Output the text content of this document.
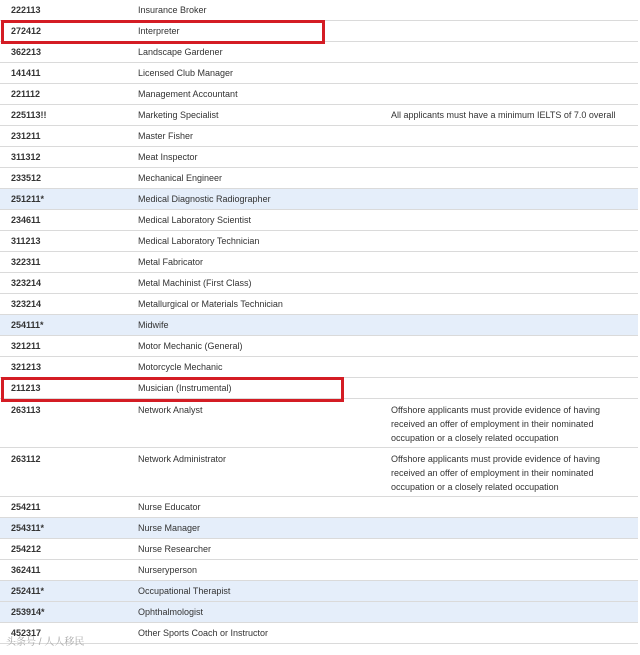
222113	Insurance Broker
272412	Interpreter
362213	Landscape Gardener
141411	Licensed Club Manager
221112	Management Accountant
225113!!	Marketing Specialist	All applicants must have a minimum IELTS of 7.0 overall
231211	Master Fisher
311312	Meat Inspector
233512	Mechanical Engineer
251211*	Medical Diagnostic Radiographer
234611	Medical Laboratory Scientist
311213	Medical Laboratory Technician
322311	Metal Fabricator
323214	Metal Machinist (First Class)
323214	Metallurgical or Materials Technician
254111*	Midwife
321211	Motor Mechanic (General)
321213	Motorcycle Mechanic
211213	Musician (Instrumental)
263113	Network Analyst	Offshore applicants must provide evidence of having received an offer of employment in their nominated occupation or a closely related occupation
263112	Network Administrator	Offshore applicants must provide evidence of having received an offer of employment in their nominated occupation or a closely related occupation
254211	Nurse Educator
254311*	Nurse Manager
254212	Nurse Researcher
362411	Nurseryperson
252411*	Occupational Therapist
253914*	Ophthalmologist
452317	Other Sports Coach or Instructor
头条号 / 人人移民
